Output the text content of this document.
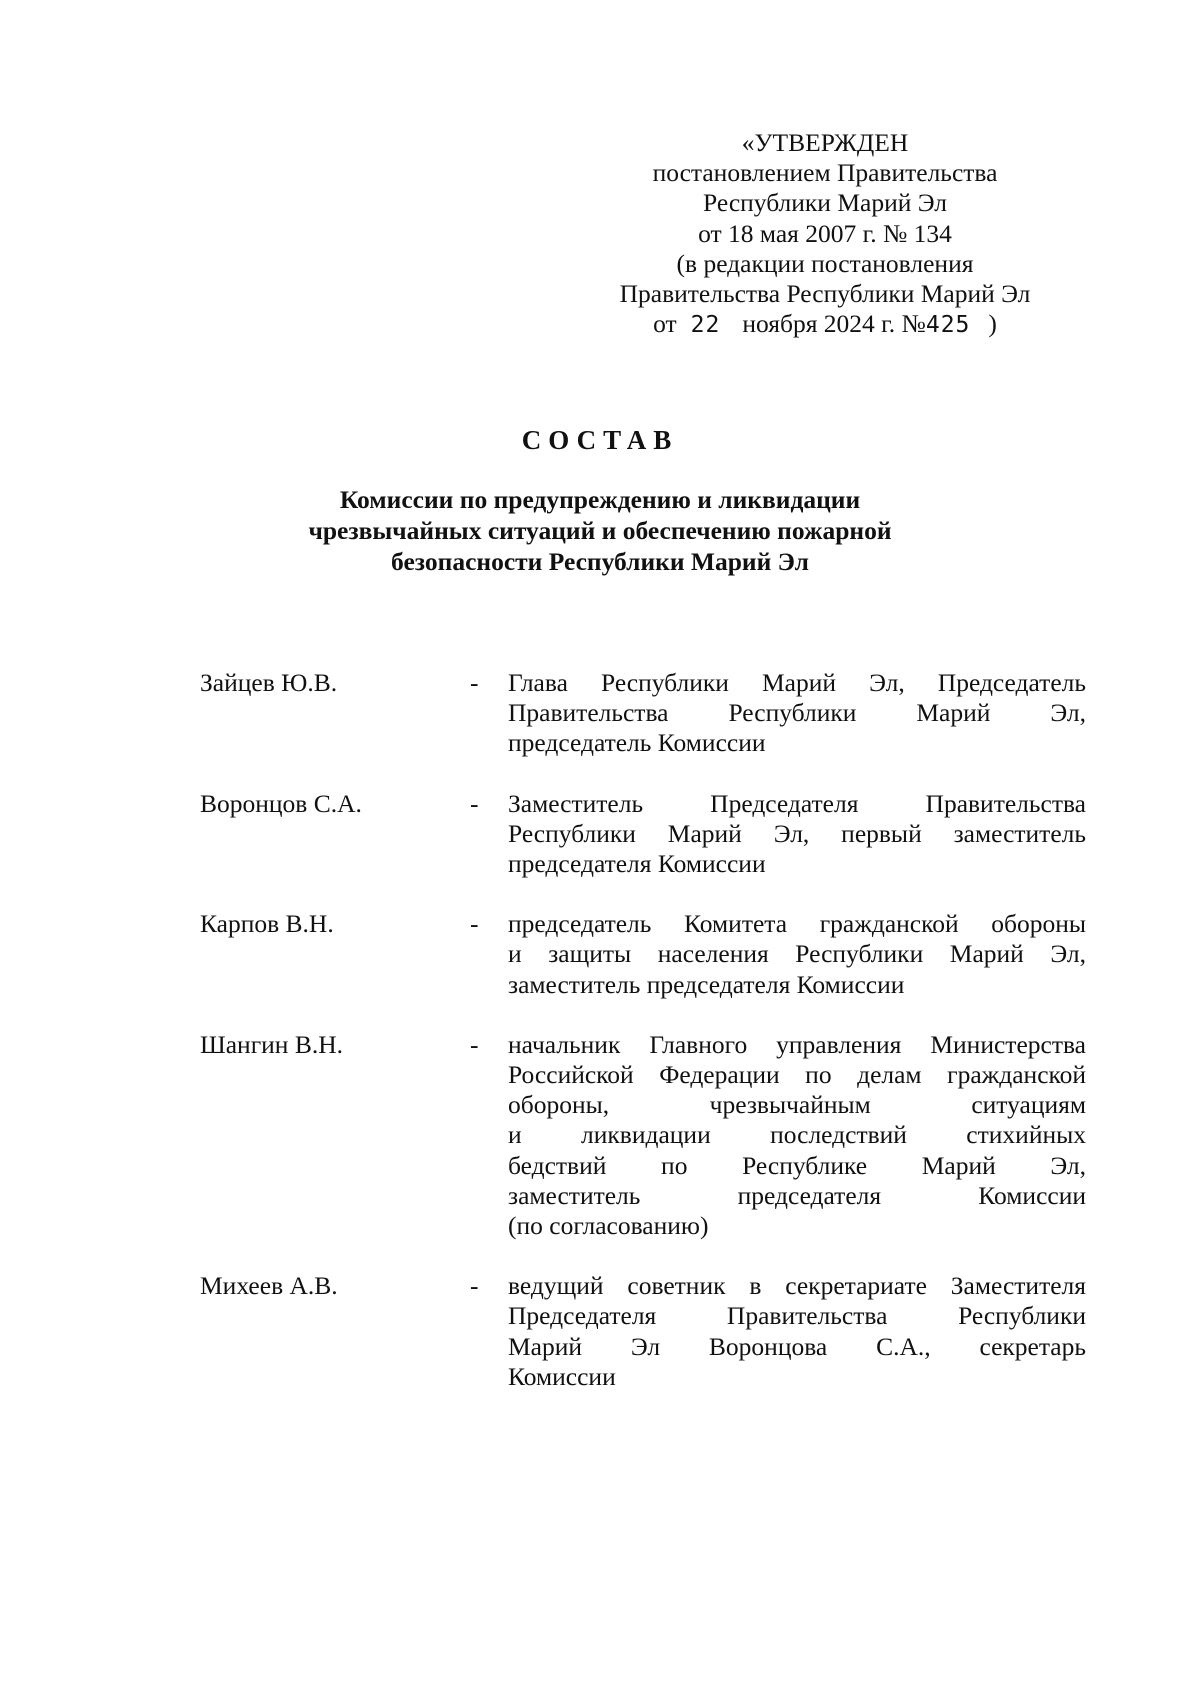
«УТВЕРЖДЕН
постановлением Правительства
Республики Марий Эл
от 18 мая 2007 г. № 134
(в редакции постановления
Правительства Республики Марий Эл
от 22 ноября 2024 г. №425 )
СОСТАВ
Комиссии по предупреждению и ликвидации
чрезвычайных ситуаций и обеспечению пожарной
безопасности Республики Марий Эл
Зайцев Ю.В.	- Глава Республики Марий Эл, Председатель
Правительства Республики Марий Эл,
председатель Комиссии
Воронцов С.А.	- Заместитель Председателя Правительства
Республики Марий Эл, первый заместитель
председателя Комиссии
Карпов В.Н.	- председатель Комитета гражданской обороны
и защиты населения Республики Марий Эл,
заместитель председателя Комиссии
Шангин В.Н.	- начальник Главного управления Министерства
Российской Федерации по делам гражданской
обороны, чрезвычайным ситуациям
и ликвидации последствий стихийных
бедствий по Республике Марий Эл,
заместитель председателя Комиссии
(по согласованию)
Михеев А.В.	- ведущий советник в секретариате Заместителя
Председателя Правительства Республики
Марий Эл Воронцова С.А., секретарь
Комиссии
